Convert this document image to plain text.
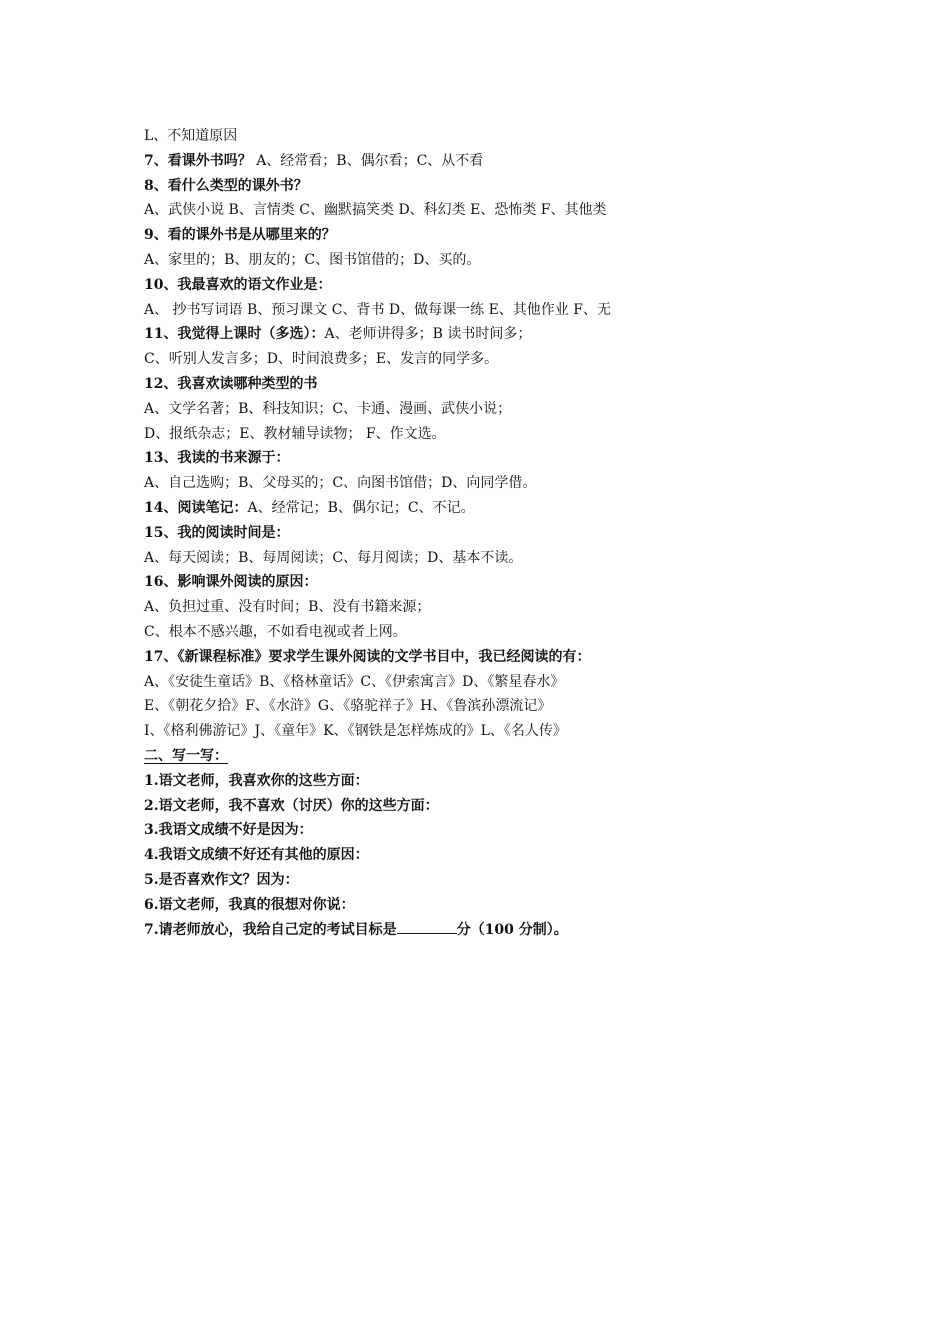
L、不知道原因
7、看课外书吗？ A、经常看；B、偶尔看；C、从不看
8、看什么类型的课外书？
A、武侠小说 B、言情类 C、幽默搞笑类 D、科幻类 E、恐怖类 F、其他类
9、看的课外书是从哪里来的？
A、家里的；B、朋友的；C、图书馆借的；D、买的。
10、我最喜欢的语文作业是：
A、 抄书写词语 B、预习课文 C、背书 D、做每课一练 E、其他作业 F、无
11、我觉得上课时（多选）：A、老师讲得多；B 读书时间多；
C、听别人发言多；D、时间浪费多；E、发言的同学多。
12、我喜欢读哪种类型的书
A、文学名著；B、科技知识；C、卡通、漫画、武侠小说；
D、报纸杂志；E、教材辅导读物； F、作文选。
13、我读的书来源于：
A、自己选购；B、父母买的；C、向图书馆借；D、向同学借。
14、阅读笔记：A、经常记；B、偶尔记；C、不记。
15、我的阅读时间是：
A、每天阅读；B、每周阅读；C、每月阅读；D、基本不读。
16、影响课外阅读的原因：
A、负担过重、没有时间；B、没有书籍来源；
C、根本不感兴趣，不如看电视或者上网。
17、《新课程标准》要求学生课外阅读的文学书目中，我已经阅读的有：
A、《安徒生童话》B、《格林童话》C、《伊索寓言》D、《繁星春水》
E、《朝花夕拾》F、《水浒》G、《骆驼祥子》H、《鲁滨孙漂流记》
I、《格利佛游记》J、《童年》K、《钢铁是怎样炼成的》L、《名人传》
二、写一写：
1.语文老师，我喜欢你的这些方面：
2.语文老师，我不喜欢（讨厌）你的这些方面：
3.我语文成绩不好是因为：
4.我语文成绩不好还有其他的原因：
5.是否喜欢作文？因为：
6.语文老师，我真的很想对你说：
7.请老师放心，我给自己定的考试目标是	分（100 分制）。
